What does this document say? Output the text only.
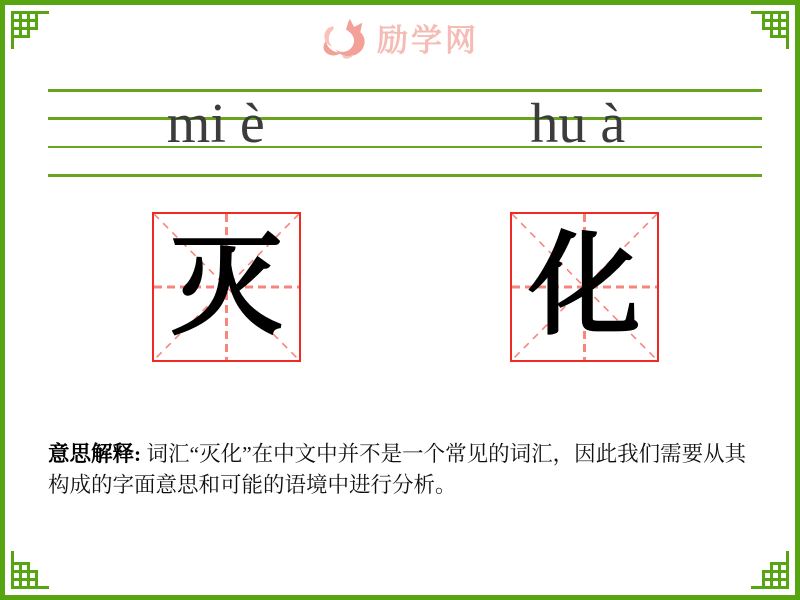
励学网
mi è	hu à
灭 化

意思解释: 词汇“灭化”在中文中并不是一个常见的词汇，因此我们需要从其构成的字面意思和可能的语境中进行分析。
